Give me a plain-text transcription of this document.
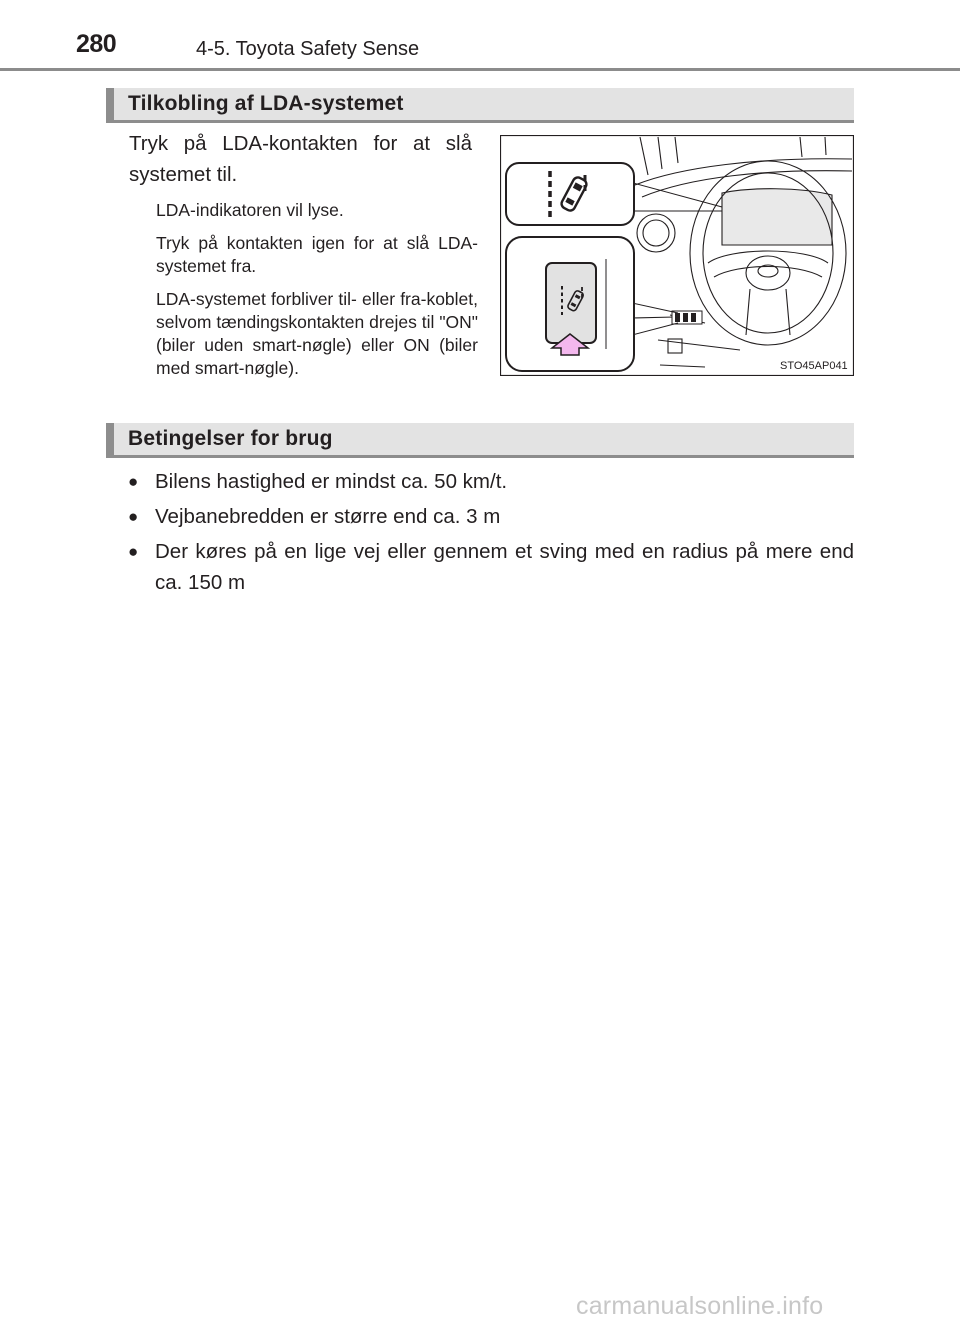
280	4-5. Toyota Safety Sense
Tilkobling af LDA-systemet

Tryk på LDA-kontakten for at slå systemet til.

LDA-indikatoren vil lyse.

Tryk på kontakten igen for at slå LDA-systemet fra.

LDA-systemet forbliver til- eller fra-koblet, selvom tændingskontakten drejes til "ON" (biler uden smart-nøgle) eller ON (biler med smart-nøgle).	STO45AP041
Betingelser for brug
● Bilens hastighed er mindst ca. 50 km/t.
● Vejbanebredden er større end ca. 3 m
● Der køres på en lige vej eller gennem et sving med en radius på mere end ca. 150 m
carmanualsonline.info
